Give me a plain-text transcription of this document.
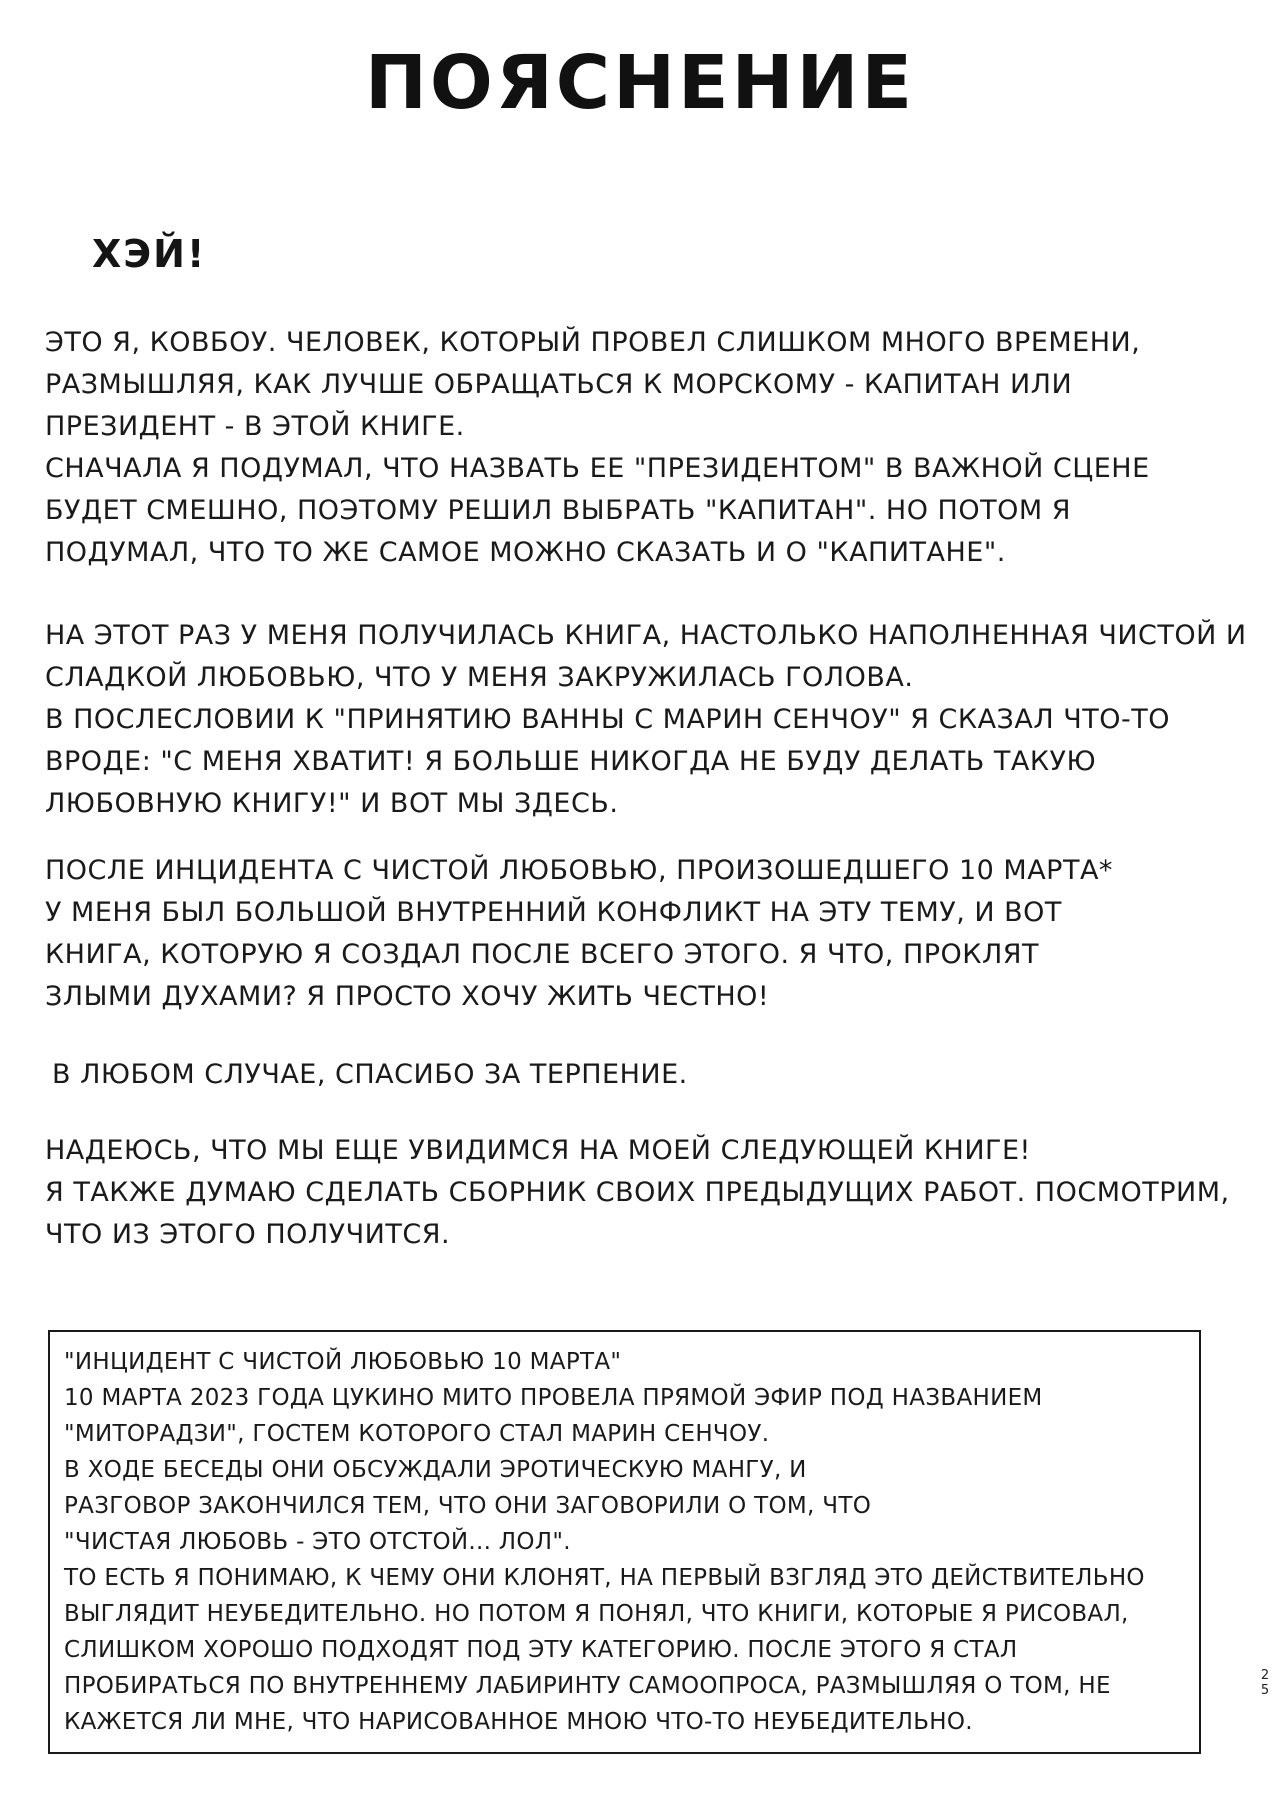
ПОЯСНЕНИЕ
ХЭЙ!
ЭТО Я, КОВБОУ. ЧЕЛОВЕК, КОТОРЫЙ ПРОВЕЛ СЛИШКОМ МНОГО ВРЕМЕНИ,
РАЗМЫШЛЯЯ, КАК ЛУЧШЕ ОБРАЩАТЬСЯ К МОРСКОМУ - КАПИТАН ИЛИ
ПРЕЗИДЕНТ - В ЭТОЙ КНИГЕ.
СНАЧАЛА Я ПОДУМАЛ, ЧТО НАЗВАТЬ ЕЕ "ПРЕЗИДЕНТОМ" В ВАЖНОЙ СЦЕНЕ
БУДЕТ СМЕШНО, ПОЭТОМУ РЕШИЛ ВЫБРАТЬ "КАПИТАН". НО ПОТОМ Я
ПОДУМАЛ, ЧТО ТО ЖЕ САМОЕ МОЖНО СКАЗАТЬ И О "КАПИТАНЕ".
НА ЭТОТ РАЗ У МЕНЯ ПОЛУЧИЛАСЬ КНИГА, НАСТОЛЬКО НАПОЛНЕННАЯ ЧИСТОЙ И
СЛАДКОЙ ЛЮБОВЬЮ, ЧТО У МЕНЯ ЗАКРУЖИЛАСЬ ГОЛОВА.
В ПОСЛЕСЛОВИИ К "ПРИНЯТИЮ ВАННЫ С МАРИН СЕНЧОУ" Я СКАЗАЛ ЧТО-ТО
ВРОДЕ: "С МЕНЯ ХВАТИТ! Я БОЛЬШЕ НИКОГДА НЕ БУДУ ДЕЛАТЬ ТАКУЮ
ЛЮБОВНУЮ КНИГУ!" И ВОТ МЫ ЗДЕСЬ.
ПОСЛЕ ИНЦИДЕНТА С ЧИСТОЙ ЛЮБОВЬЮ, ПРОИЗОШЕДШЕГО 10 МАРТА*
У МЕНЯ БЫЛ БОЛЬШОЙ ВНУТРЕННИЙ КОНФЛИКТ НА ЭТУ ТЕМУ, И ВОТ
КНИГА, КОТОРУЮ Я СОЗДАЛ ПОСЛЕ ВСЕГО ЭТОГО. Я ЧТО, ПРОКЛЯТ
ЗЛЫМИ ДУХАМИ? Я ПРОСТО ХОЧУ ЖИТЬ ЧЕСТНО!
В ЛЮБОМ СЛУЧАЕ, СПАСИБО ЗА ТЕРПЕНИЕ.
НАДЕЮСЬ, ЧТО МЫ ЕЩЕ УВИДИМСЯ НА МОЕЙ СЛЕДУЮЩЕЙ КНИГЕ!
Я ТАКЖЕ ДУМАЮ СДЕЛАТЬ СБОРНИК СВОИХ ПРЕДЫДУЩИХ РАБОТ. ПОСМОТРИМ,
ЧТО ИЗ ЭТОГО ПОЛУЧИТСЯ.
"ИНЦИДЕНТ С ЧИСТОЙ ЛЮБОВЬЮ 10 МАРТА"
10 МАРТА 2023 ГОДА ЦУКИНО МИТО ПРОВЕЛА ПРЯМОЙ ЭФИР ПОД НАЗВАНИЕМ
"МИТОРАДЗИ", ГОСТЕМ КОТОРОГО СТАЛ МАРИН СЕНЧОУ.
В ХОДЕ БЕСЕДЫ ОНИ ОБСУЖДАЛИ ЭРОТИЧЕСКУЮ МАНГУ, И
РАЗГОВОР ЗАКОНЧИЛСЯ ТЕМ, ЧТО ОНИ ЗАГОВОРИЛИ О ТОМ, ЧТО
"ЧИСТАЯ ЛЮБОВЬ - ЭТО ОТСТОЙ... ЛОЛ".
ТО ЕСТЬ Я ПОНИМАЮ, К ЧЕМУ ОНИ КЛОНЯТ, НА ПЕРВЫЙ ВЗГЛЯД ЭТО ДЕЙСТВИТЕЛЬНО
ВЫГЛЯДИТ НЕУБЕДИТЕЛЬНО. НО ПОТОМ Я ПОНЯЛ, ЧТО КНИГИ, КОТОРЫЕ Я РИСОВАЛ,
СЛИШКОМ ХОРОШО ПОДХОДЯТ ПОД ЭТУ КАТЕГОРИЮ. ПОСЛЕ ЭТОГО Я СТАЛ
ПРОБИРАТЬСЯ ПО ВНУТРЕННЕМУ ЛАБИРИНТУ САМООПРОСА, РАЗМЫШЛЯЯ О ТОМ, НЕ
КАЖЕТСЯ ЛИ МНЕ, ЧТО НАРИСОВАННОЕ МНОЮ ЧТО-ТО НЕУБЕДИТЕЛЬНО.
2
5
